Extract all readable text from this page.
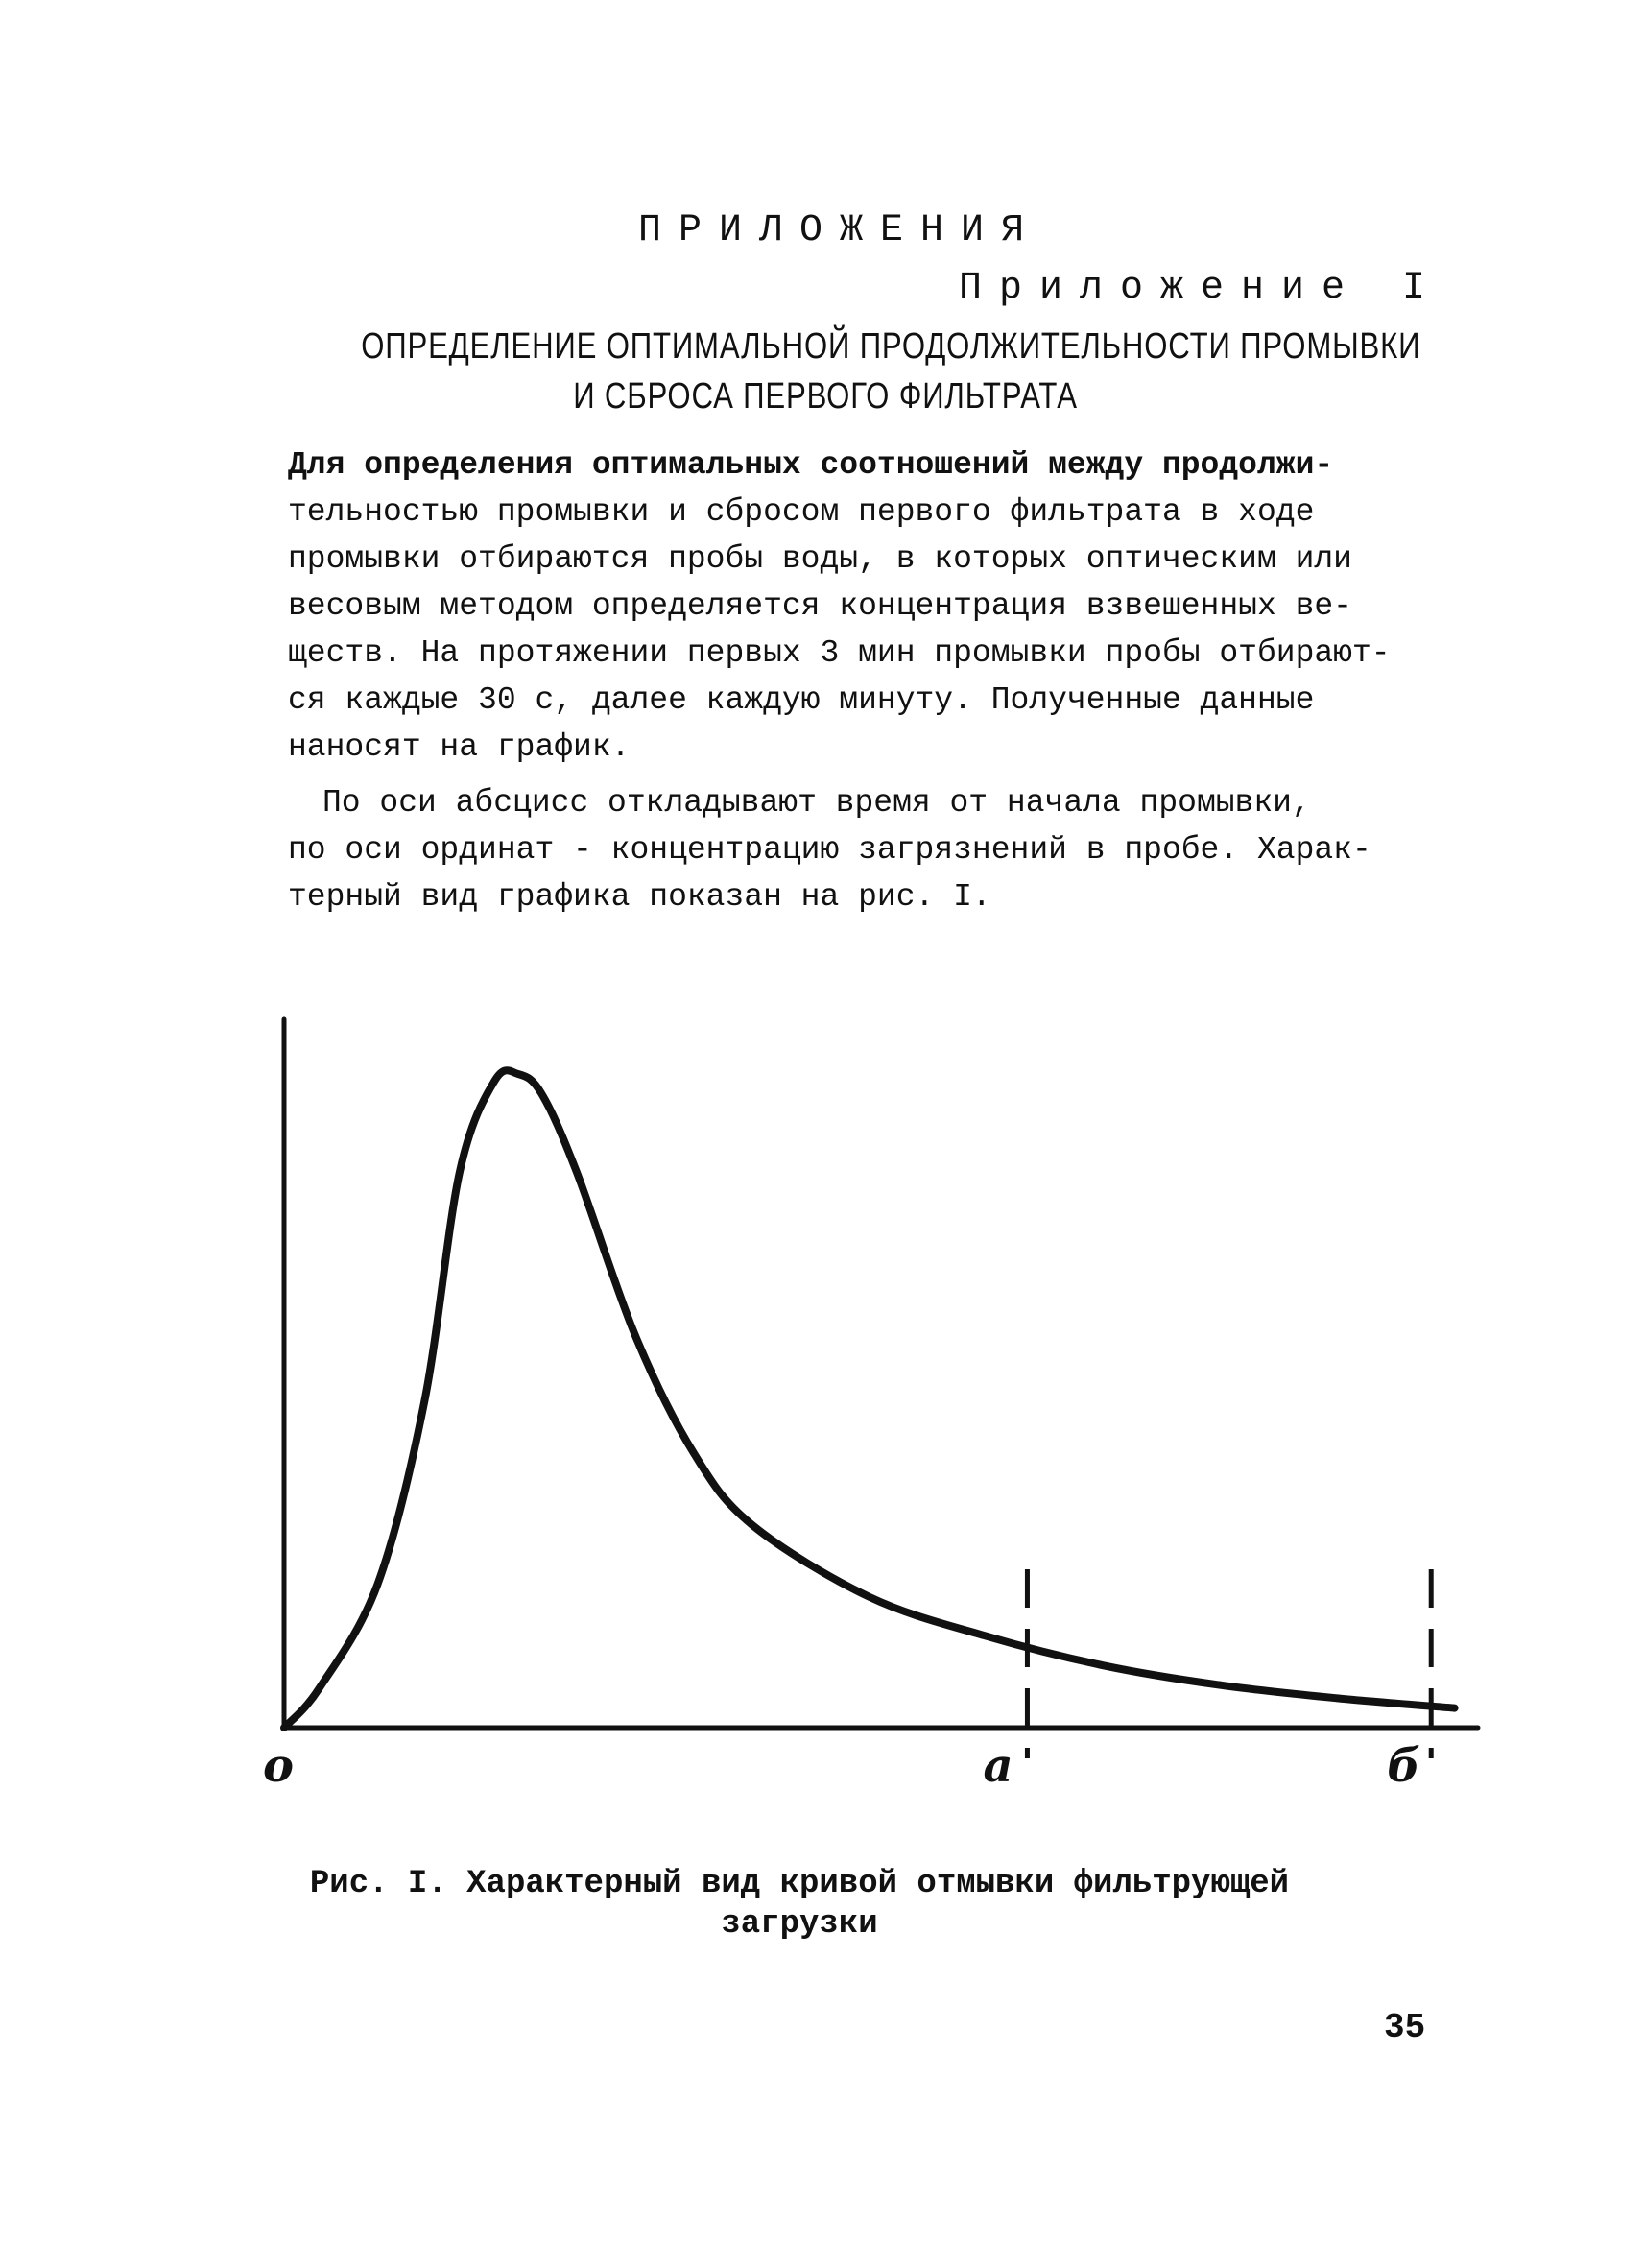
ПРИЛОЖЕНИЯ
Приложение I
ОПРЕДЕЛЕНИЕ ОПТИМАЛЬНОЙ ПРОДОЛЖИТЕЛЬНОСТИ ПРОМЫВКИ
И СБРОСА ПЕРВОГО ФИЛЬТРАТА
Для определения оптимальных соотношений между продолжи-
тельностью промывки и сбросом первого фильтрата в ходе
промывки отбираются пробы воды, в которых оптическим или
весовым методом определяется концентрация взвешенных ве-
ществ. На протяжении первых 3 мин промывки пробы отбирают-
ся каждые 30 с, далее каждую минуту. Полученные данные
наносят на график.
По оси абсцисс откладывают время от начала промывки,
по оси ординат - концентрацию загрязнений в пробе. Харак-
терный вид графика показан на рис. I.
о	а	б
Рис. I. Характерный вид кривой отмывки фильтрующей
загрузки
35
